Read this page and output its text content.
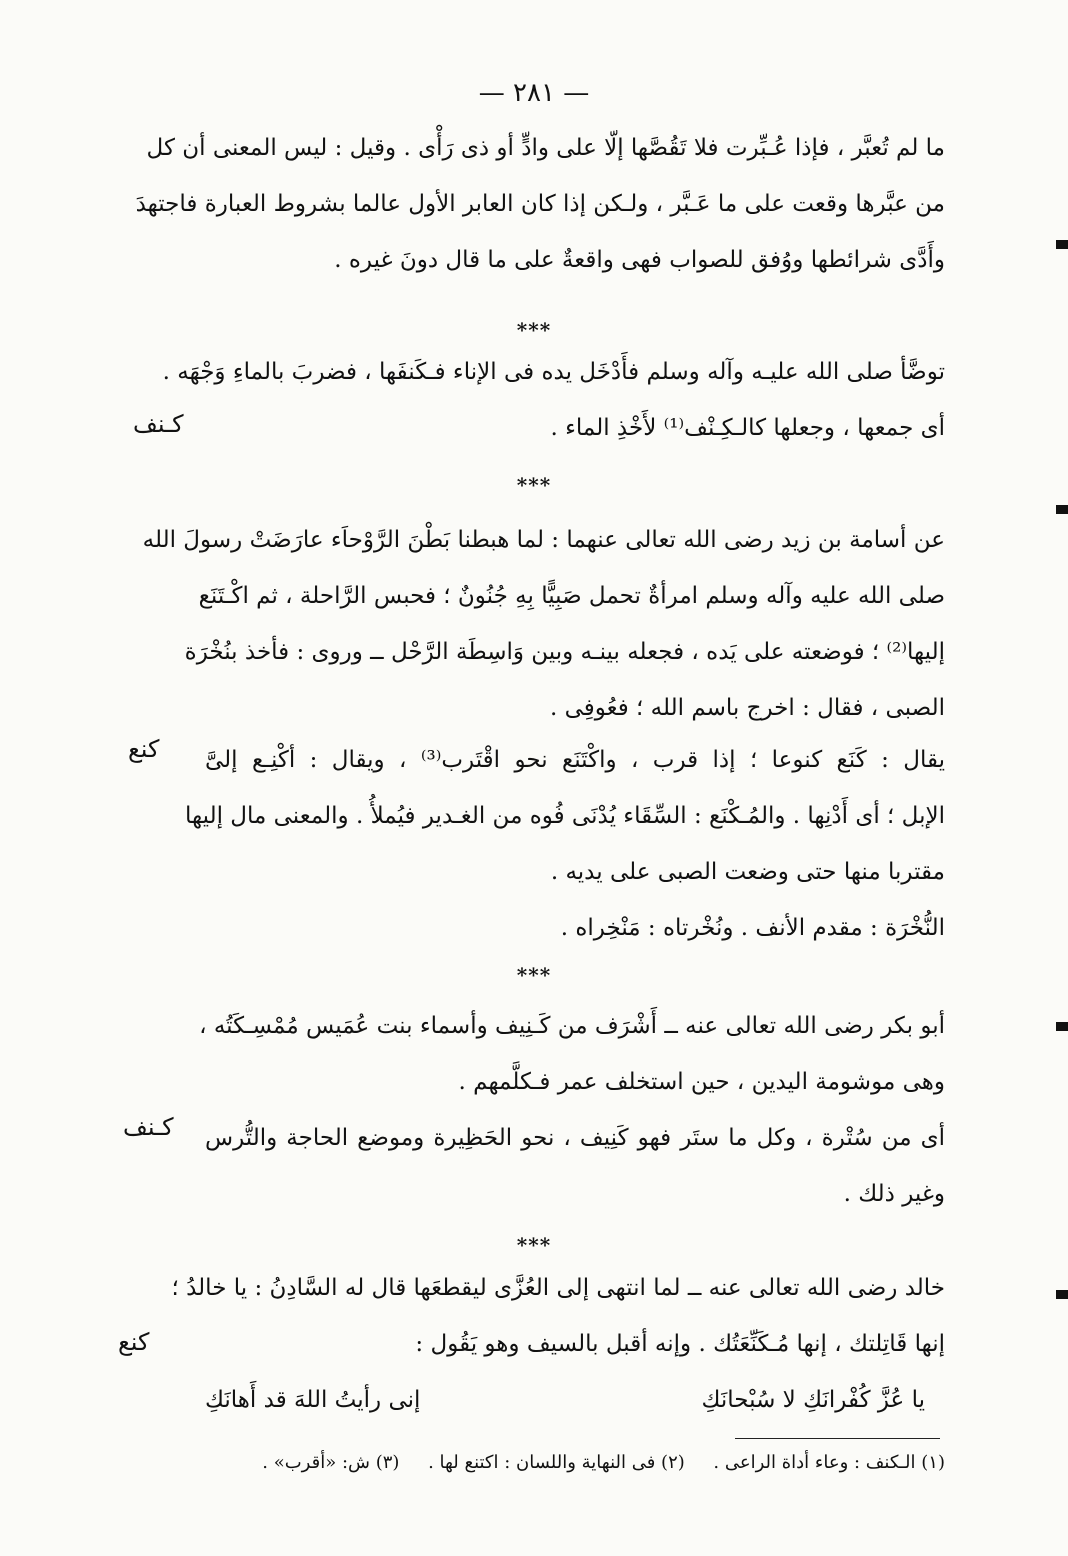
— ٢٨١ —
ما لم تُعبَّر ، فإذا عُـبِّرت فلا تَقُصَّها إلّا على وادٍّ أو ذى رَأْى . وقيل : ليس المعنى أن كل
من عبَّرها وقعت على ما عَـبَّر ، ولـكن إذا كان العابر الأول عالما بشروط العبارة فاجتهدَ
وأَدَّى شرائطها ووُفق للصواب فهى واقعةٌ على ما قال دونَ غيره .
***
توضَّأ صلى الله عليـه وآله وسلم فأَدْخَل يده فى الإناء فـكَنفَها ، فضربَ بالماءِ وَجْهَه .
أى جمعها ، وجعلها كالـكِـنْف⁽¹⁾ لأَخْذِ الماء .
كـنف
***
عن أسامة بن زيد رضى الله تعالى عنهما : لما هبطنا بَطْنَ الرَّوْحاَء عارَضَتْ رسولَ الله
صلى الله عليه وآله وسلم امرأةٌ تحمل صَبِيًّا بِهِ جُنُونٌ ؛ فحبس الرَّاحلة ، ثم اكْـتَنَع
إليها⁽²⁾ ؛ فوضعته على يَده ، فجعله بينـه وبين وَاسِطَة الرَّحْل ــ وروى : فأخذ بنُخْرَة
الصبى ، فقال : اخرج باسم الله ؛ فعُوفِى .
يقال : كَنَع كنوعا ؛ إذا قرب ، واكْتَنَع نحو اقْتَرب⁽³⁾ ، ويقال : أكْنِـع إلىَّ
الإبل ؛ أى أَدْنِها . والمُـكْنَع : السِّقَاء يُدْنَى فُوه من الغـدير فيُملأُ . والمعنى مال إليها
مقتربا منها حتى وضعت الصبى على يديه .
كنع
النُّخْرَة : مقدم الأنف . ونُخْرتاه : مَنْخِراه .
***
أبو بكر رضى الله تعالى عنه ــ أَشْرَف من كَـنِيف وأسماء بنت عُمَيس مُمْسِـكَتُه ،
وهى موشومة اليدين ، حين استخلف عمر فـكلَّمهم .
أى من سُتْرة ، وكل ما ستَر فهو كَنِيف ، نحو الحَظِيرة وموضع الحاجة والتُّرس
وغير ذلك .
كـنف
***
خالد رضى الله تعالى عنه ــ لما انتهى إلى العُزَّى ليقطعَها قال له السَّادِنُ : يا خالدُ ؛
إنها قَاتِلتك ، إنها مُـكَنِّعَتُك . وإنه أقبل بالسيف وهو يَقُول :
كنع
يا عُزَّ كُفْرانَكِ لا سُبْحانَكِ
إنى رأيتُ اللهَ قد أَهانَكِ
(١) الـكنف : وعاء أداة الراعى .     (٢) فى النهاية واللسان : اكتنع لها .     (٣) ش: «أقرب» .
